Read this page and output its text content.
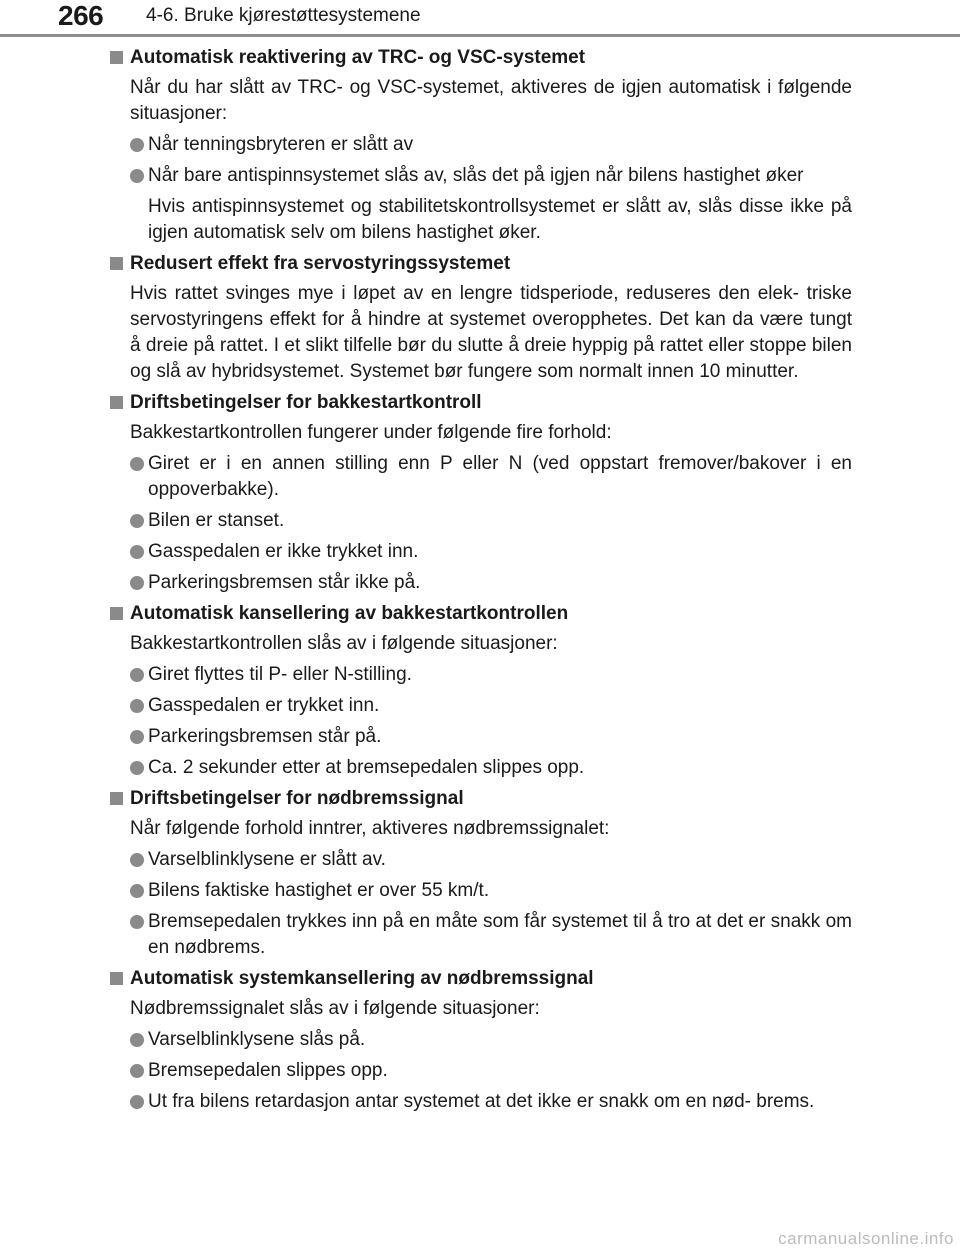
266 4-6. Bruke kjørestøttesystemene
Automatisk reaktivering av TRC- og VSC-systemet
Når du har slått av TRC- og VSC-systemet, aktiveres de igjen automatisk i følgende situasjoner:
Når tenningsbryteren er slått av
Når bare antispinnsystemet slås av, slås det på igjen når bilens hastighet øker
Hvis antispinnsystemet og stabilitetskontrollsystemet er slått av, slås disse ikke på igjen automatisk selv om bilens hastighet øker.
Redusert effekt fra servostyringssystemet
Hvis rattet svinges mye i løpet av en lengre tidsperiode, reduseres den elek- triske servostyringens effekt for å hindre at systemet overopphetes. Det kan da være tungt å dreie på rattet. I et slikt tilfelle bør du slutte å dreie hyppig på rattet eller stoppe bilen og slå av hybridsystemet. Systemet bør fungere som normalt innen 10 minutter.
Driftsbetingelser for bakkestartkontroll
Bakkestartkontrollen fungerer under følgende fire forhold:
Giret er i en annen stilling enn P eller N (ved oppstart fremover/bakover i en oppoverbakke).
Bilen er stanset.
Gasspedalen er ikke trykket inn.
Parkeringsbremsen står ikke på.
Automatisk kansellering av bakkestartkontrollen
Bakkestartkontrollen slås av i følgende situasjoner:
Giret flyttes til P- eller N-stilling.
Gasspedalen er trykket inn.
Parkeringsbremsen står på.
Ca. 2 sekunder etter at bremsepedalen slippes opp.
Driftsbetingelser for nødbremssignal
Når følgende forhold inntrer, aktiveres nødbremssignalet:
Varselblinklysene er slått av.
Bilens faktiske hastighet er over 55 km/t.
Bremsepedalen trykkes inn på en måte som får systemet til å tro at det er snakk om en nødbrems.
Automatisk systemkansellering av nødbremssignal
Nødbremssignalet slås av i følgende situasjoner:
Varselblinklysene slås på.
Bremsepedalen slippes opp.
Ut fra bilens retardasjon antar systemet at det ikke er snakk om en nød- brems.
carmanualsonline.info
